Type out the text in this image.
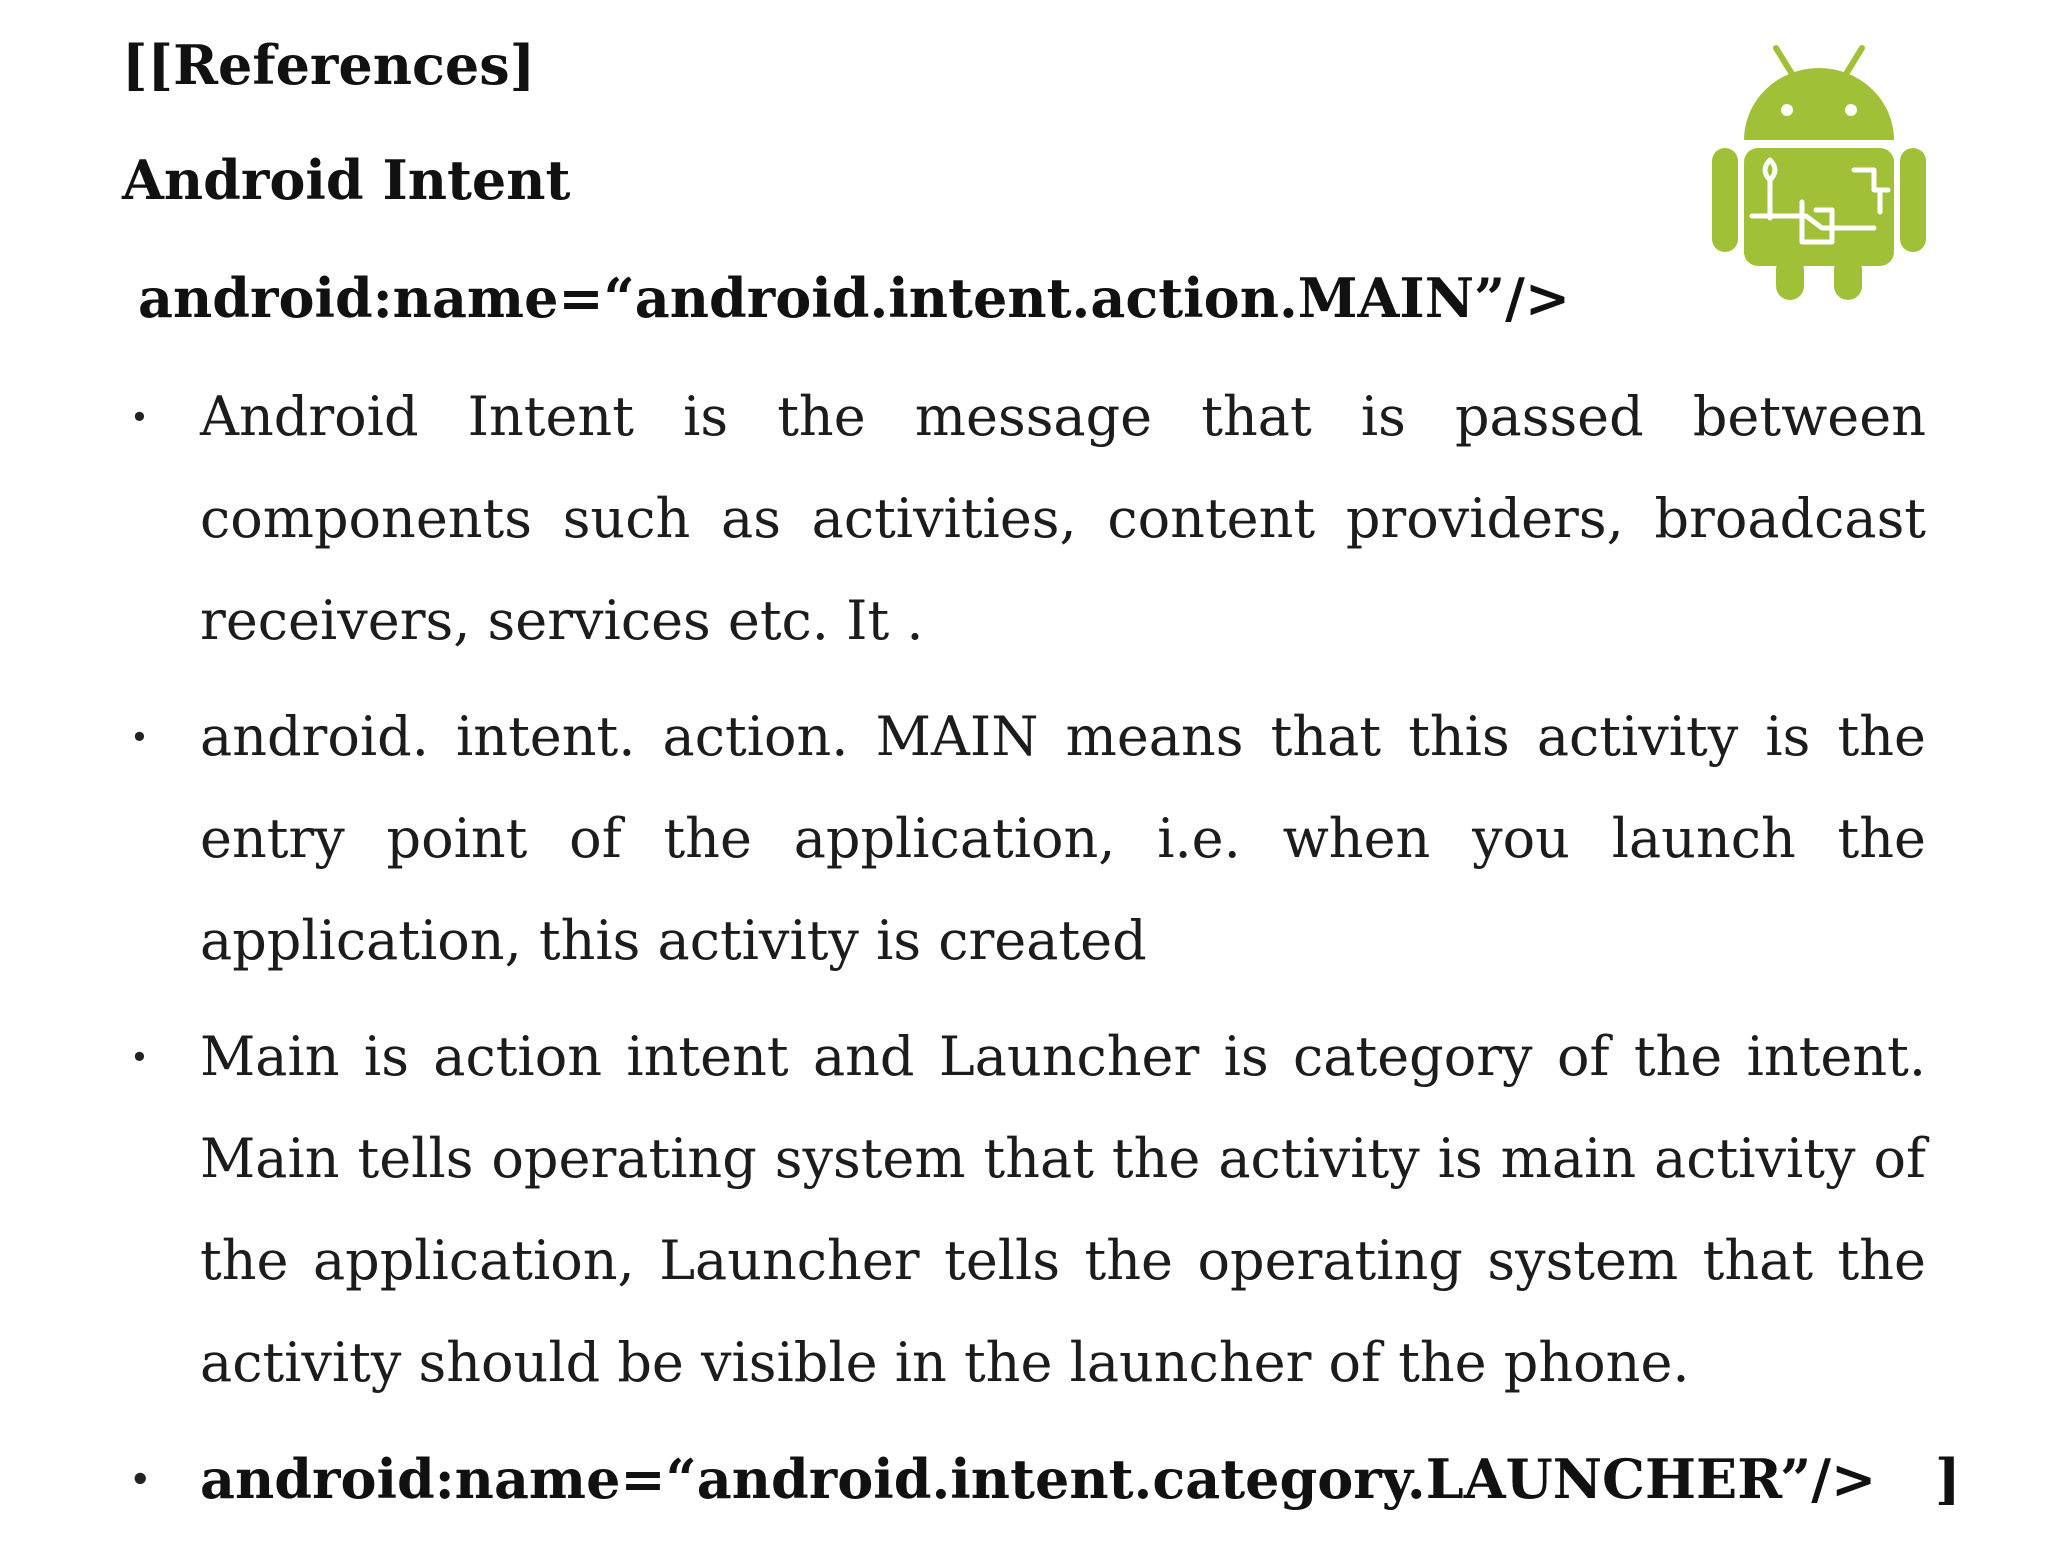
[[References]
Android Intent
android:name=“android.intent.action.MAIN”/>
• Android Intent is the message that is passed between components such as activities, content providers, broadcast receivers, services etc. It .
• android. intent. action. MAIN means that this activity is the entry point of the application, i.e. when you launch the application, this activity is created
• Main is action intent and Launcher is category of the intent. Main tells operating system that the activity is main activity of the application, Launcher tells the operating system that the activity should be visible in the launcher of the phone.
• android:name=“android.intent.category.LAUNCHER”/> ]
